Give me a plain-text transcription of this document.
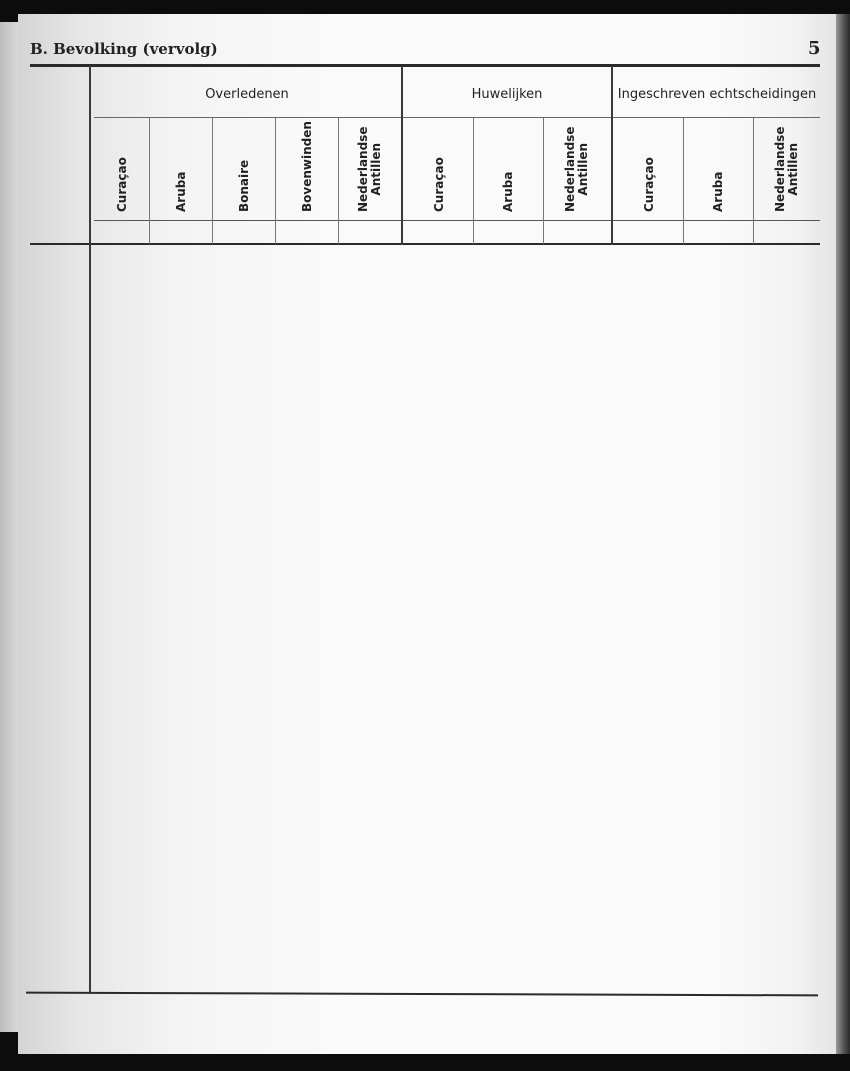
B. Bevolking (vervolg)	5
Overledenen	Huwelijken	Ingeschreven echtscheidingen
Curaçao	Aruba	Bonaire	Bovenwinden	Nederlandse Antillen	Curaçao	Aruba	Nederlandse Antillen	Curaçao	Aruba	Nederlandse Antillen
